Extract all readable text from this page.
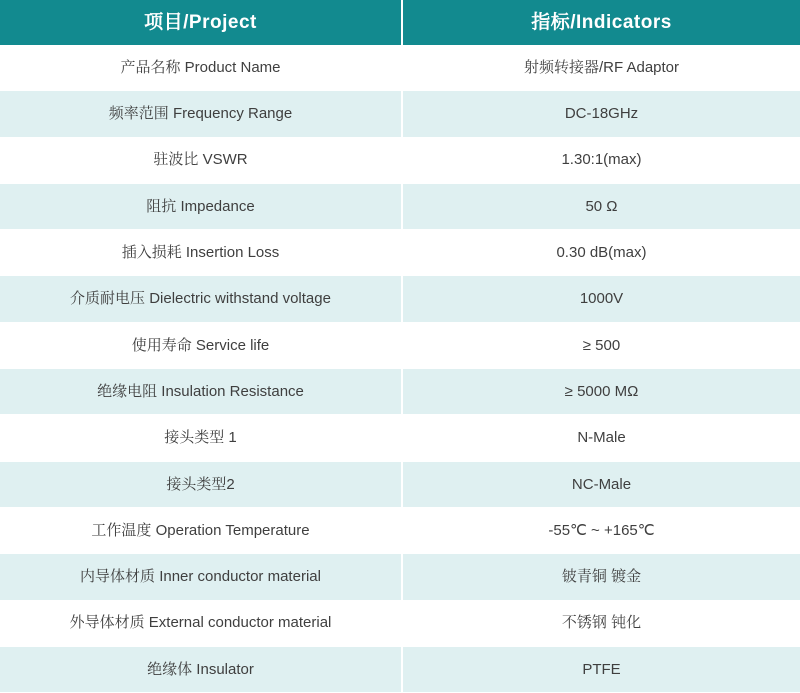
项目/Project	指标/Indicators
产品名称 Product Name	射频转接器/RF Adaptor
频率范围 Frequency Range	DC-18GHz
驻波比 VSWR	1.30:1(max)
阻抗 Impedance	50 Ω
插入损耗 Insertion Loss	0.30 dB(max)
介质耐电压 Dielectric withstand voltage	1000V
使用寿命 Service life	≥ 500
绝缘电阻 Insulation Resistance	≥ 5000 MΩ
接头类型 1	N-Male
接头类型2	NC-Male
工作温度 Operation Temperature	-55℃ ~ +165℃
内导体材质 Inner conductor material	铍青铜 镀金
外导体材质 External conductor material	不锈钢 钝化
绝缘体 Insulator	PTFE
